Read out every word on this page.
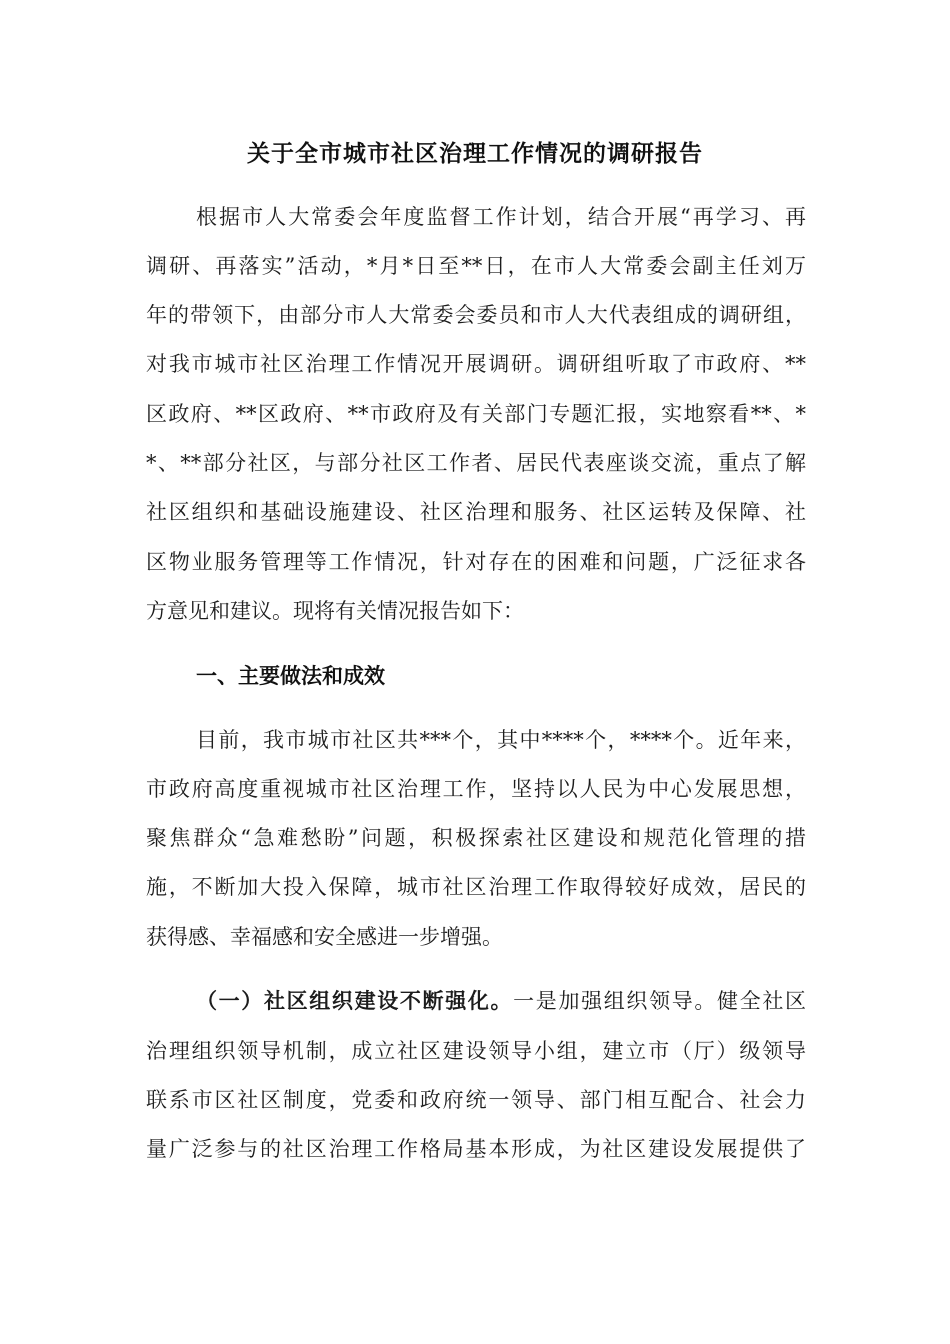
关于全市城市社区治理工作情况的调研报告
根据市人大常委会年度监督工作计划，结合开展“再学习、再
调研、再落实”活动，*月*日至**日，在市人大常委会副主任刘万
年的带领下，由部分市人大常委会委员和市人大代表组成的调研组，
对我市城市社区治理工作情况开展调研。调研组听取了市政府、**
区政府、**区政府、**市政府及有关部门专题汇报，实地察看**、*
*、**部分社区，与部分社区工作者、居民代表座谈交流，重点了解
社区组织和基础设施建设、社区治理和服务、社区运转及保障、社
区物业服务管理等工作情况，针对存在的困难和问题，广泛征求各
方意见和建议。现将有关情况报告如下：
一、主要做法和成效
目前，我市城市社区共***个，其中****个，****个。近年来，
市政府高度重视城市社区治理工作，坚持以人民为中心发展思想，
聚焦群众“急难愁盼”问题，积极探索社区建设和规范化管理的措
施，不断加大投入保障，城市社区治理工作取得较好成效，居民的
获得感、幸福感和安全感进一步增强。
（一）社区组织建设不断强化。一是加强组织领导。健全社区
治理组织领导机制，成立社区建设领导小组，建立市（厅）级领导
联系市区社区制度，党委和政府统一领导、部门相互配合、社会力
量广泛参与的社区治理工作格局基本形成，为社区建设发展提供了
